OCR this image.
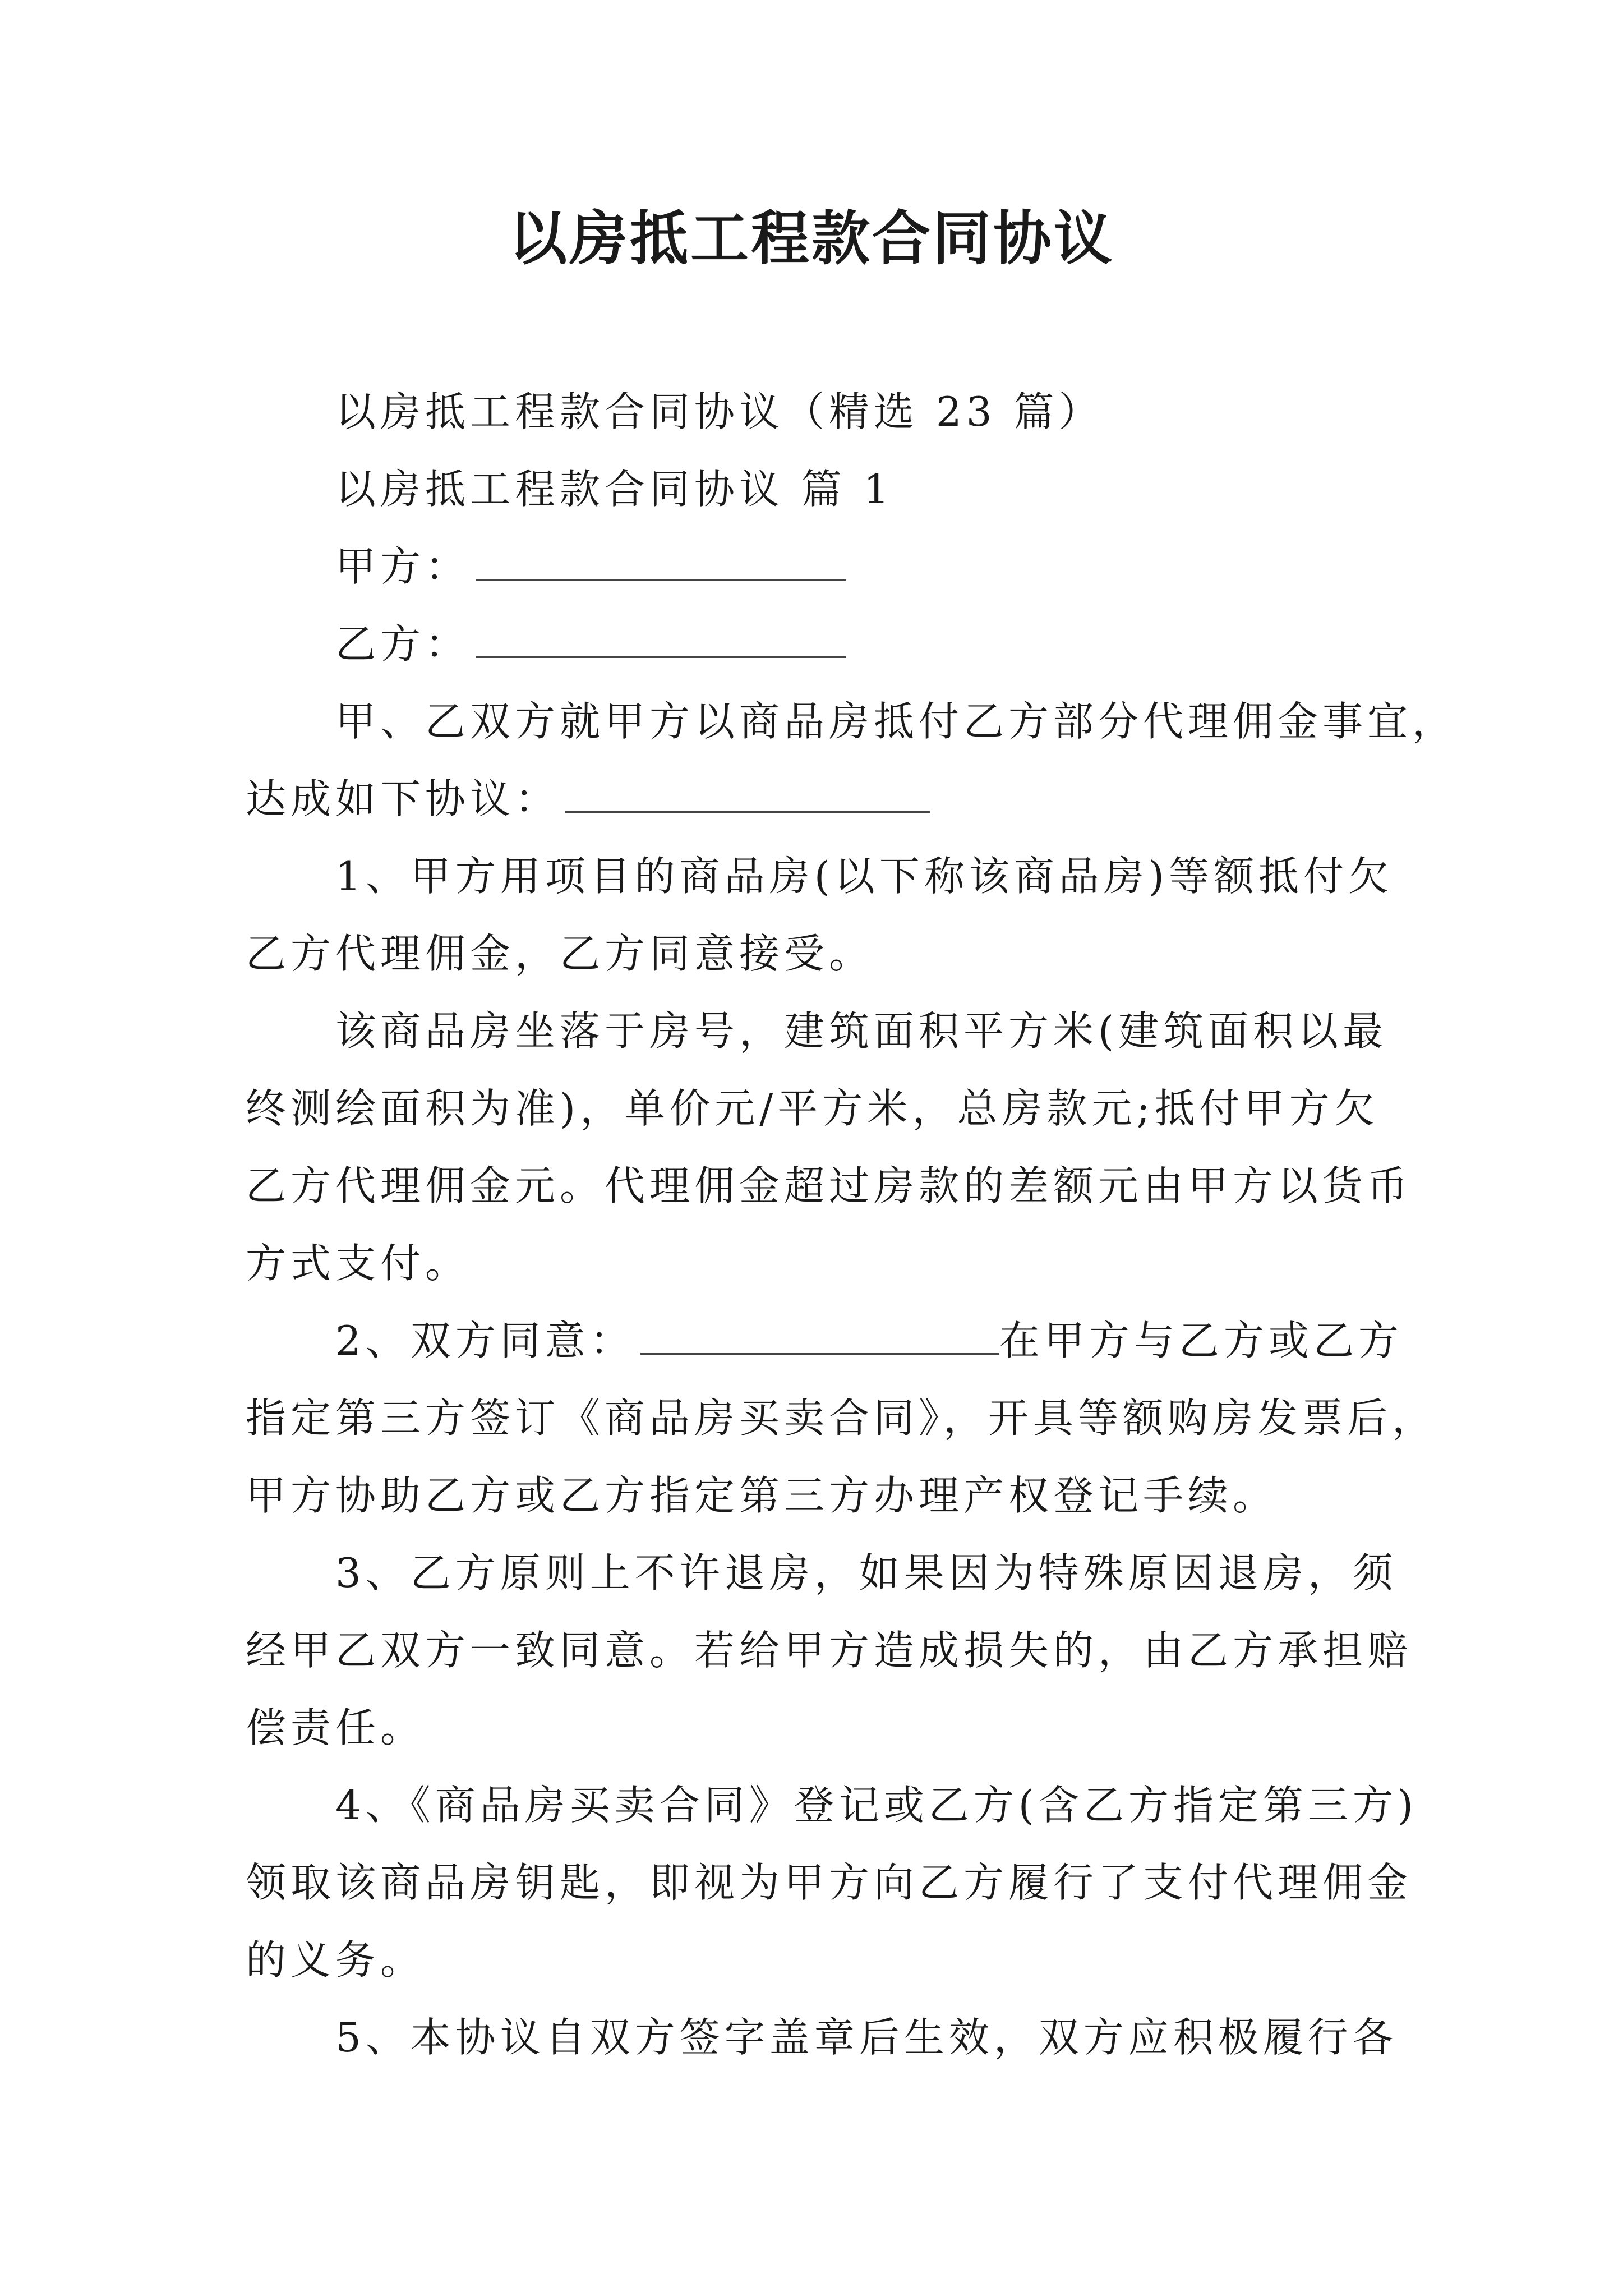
以房抵工程款合同协议
以房抵工程款合同协议（精选 23 篇）
以房抵工程款合同协议 篇 1
甲方：
乙方：
甲、乙双方就甲方以商品房抵付乙方部分代理佣金事宜，
达成如下协议：
1、甲方用项目的商品房(以下称该商品房)等额抵付欠
乙方代理佣金，乙方同意接受。
该商品房坐落于房号，建筑面积平方米(建筑面积以最
终测绘面积为准)，单价元/平方米，总房款元;抵付甲方欠
乙方代理佣金元。代理佣金超过房款的差额元由甲方以货币
方式支付。
2、双方同意：	在甲方与乙方或乙方
指定第三方签订《商品房买卖合同》，开具等额购房发票后，
甲方协助乙方或乙方指定第三方办理产权登记手续。
3、乙方原则上不许退房，如果因为特殊原因退房，须
经甲乙双方一致同意。若给甲方造成损失的，由乙方承担赔
偿责任。
4、《商品房买卖合同》登记或乙方(含乙方指定第三方)
领取该商品房钥匙，即视为甲方向乙方履行了支付代理佣金
的义务。
5、本协议自双方签字盖章后生效，双方应积极履行各
